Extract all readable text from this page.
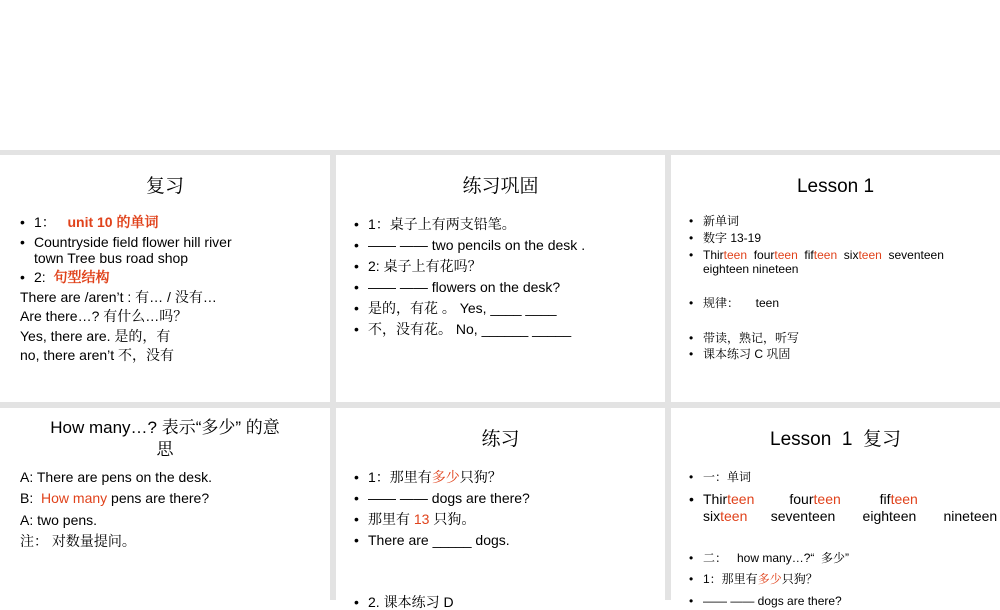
复习
• 1： unit 10 的单词
• Countryside field flower hill river
town Tree bus road shop
• 2: 句型结构
There are /aren’t : 有… / 没有…
Are there…? 有什么…吗？
Yes, there are. 是的，有
no, there aren’t 不，没有
练习巩固
• 1：桌子上有两支铅笔。
• —— —— two pencils on the desk .
• 2: 桌子上有花吗？
• —— —— flowers on the desk?
• 是的，有花 。 Yes, ____ ____
• 不，没有花。 No, ______ _____
Lesson 1
• 新单词
• 数字 13-19
• Thirteen  fourteen  fifteen  sixteen  seventeen
eighteen nineteen
• 规律：     teen
• 带读，熟记，听写
• 课本练习 C 巩固
How many…? 表示“多少” 的意
思
A: There are pens on the desk.
B:  How many pens are there?
A: two pens.
注： 对数量提问。
练习
• 1：那里有多少只狗？
• —— —— dogs are there?
• 那里有 13 只狗。
• There are _____ dogs.
• 2. 课本练习 D
Lesson  1  复习
• 一：单词
• Thirteen         fourteen          fifteen
sixteen      seventeen       eighteen       nineteen
• 二：   how many…?“  多少”
• 1：那里有多少只狗？
• —— —— dogs are there?
